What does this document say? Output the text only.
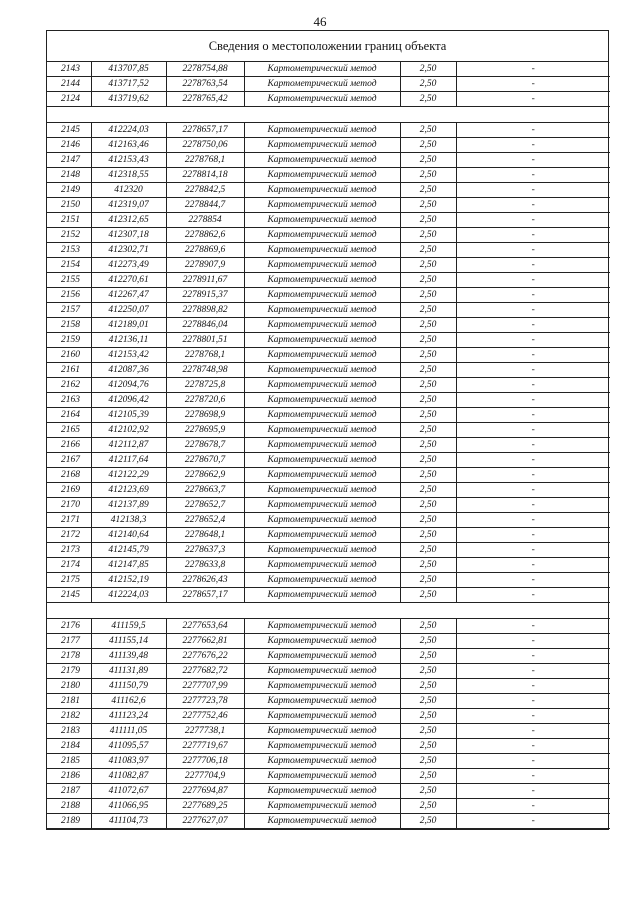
46
Сведения о местоположении границ объекта
2143	413707,85	2278754,88	Картометрический метод	2,50	-
2144	413717,52	2278763,54	Картометрический метод	2,50	-
2124	413719,62	2278765,42	Картометрический метод	2,50	-

2145	412224,03	2278657,17	Картометрический метод	2,50	-
2146	412163,46	2278750,06	Картометрический метод	2,50	-
2147	412153,43	2278768,1	Картометрический метод	2,50	-
2148	412318,55	2278814,18	Картометрический метод	2,50	-
2149	412320	2278842,5	Картометрический метод	2,50	-
2150	412319,07	2278844,7	Картометрический метод	2,50	-
2151	412312,65	2278854	Картометрический метод	2,50	-
2152	412307,18	2278862,6	Картометрический метод	2,50	-
2153	412302,71	2278869,6	Картометрический метод	2,50	-
2154	412273,49	2278907,9	Картометрический метод	2,50	-
2155	412270,61	2278911,67	Картометрический метод	2,50	-
2156	412267,47	2278915,37	Картометрический метод	2,50	-
2157	412250,07	2278898,82	Картометрический метод	2,50	-
2158	412189,01	2278846,04	Картометрический метод	2,50	-
2159	412136,11	2278801,51	Картометрический метод	2,50	-
2160	412153,42	2278768,1	Картометрический метод	2,50	-
2161	412087,36	2278748,98	Картометрический метод	2,50	-
2162	412094,76	2278725,8	Картометрический метод	2,50	-
2163	412096,42	2278720,6	Картометрический метод	2,50	-
2164	412105,39	2278698,9	Картометрический метод	2,50	-
2165	412102,92	2278695,9	Картометрический метод	2,50	-
2166	412112,87	2278678,7	Картометрический метод	2,50	-
2167	412117,64	2278670,7	Картометрический метод	2,50	-
2168	412122,29	2278662,9	Картометрический метод	2,50	-
2169	412123,69	2278663,7	Картометрический метод	2,50	-
2170	412137,89	2278652,7	Картометрический метод	2,50	-
2171	412138,3	2278652,4	Картометрический метод	2,50	-
2172	412140,64	2278648,1	Картометрический метод	2,50	-
2173	412145,79	2278637,3	Картометрический метод	2,50	-
2174	412147,85	2278633,8	Картометрический метод	2,50	-
2175	412152,19	2278626,43	Картометрический метод	2,50	-
2145	412224,03	2278657,17	Картометрический метод	2,50	-

2176	411159,5	2277653,64	Картометрический метод	2,50	-
2177	411155,14	2277662,81	Картометрический метод	2,50	-
2178	411139,48	2277676,22	Картометрический метод	2,50	-
2179	411131,89	2277682,72	Картометрический метод	2,50	-
2180	411150,79	2277707,99	Картометрический метод	2,50	-
2181	411162,6	2277723,78	Картометрический метод	2,50	-
2182	411123,24	2277752,46	Картометрический метод	2,50	-
2183	411111,05	2277738,1	Картометрический метод	2,50	-
2184	411095,57	2277719,67	Картометрический метод	2,50	-
2185	411083,97	2277706,18	Картометрический метод	2,50	-
2186	411082,87	2277704,9	Картометрический метод	2,50	-
2187	411072,67	2277694,87	Картометрический метод	2,50	-
2188	411066,95	2277689,25	Картометрический метод	2,50	-
2189	411104,73	2277627,07	Картометрический метод	2,50	-
